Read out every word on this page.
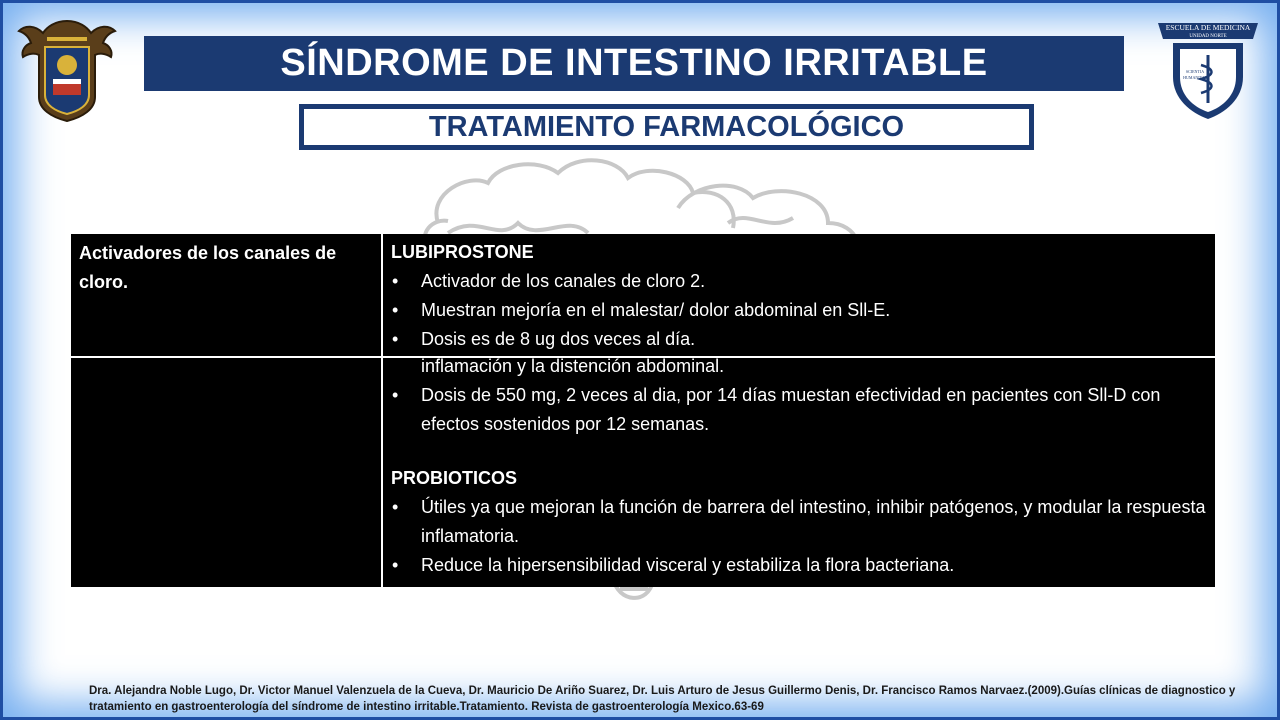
ESCUELA DE MEDICINA
UNIDAD NORTE
SCIENTIA
HUMANITAS
SÍNDROME DE INTESTINO IRRITABLE
TRATAMIENTO FARMACOLÓGICO
Activadores de los canales de cloro.
LUBIPROSTONE
• Activador de los canales de cloro 2.
• Muestran mejoría en el malestar/ dolor abdominal en Sll-E.
• Dosis es de 8 ug dos veces al día.
inflamación y la distención abdominal.
• Dosis de 550 mg, 2 veces al dia, por 14 días muestan efectividad en pacientes con Sll-D con efectos sostenidos por 12 semanas.
PROBIOTICOS
• Útiles ya que mejoran la función de barrera del intestino, inhibir patógenos, y modular la respuesta inflamatoria.
• Reduce la hipersensibilidad visceral y estabiliza la flora bacteriana.
Dra. Alejandra Noble Lugo, Dr. Victor Manuel Valenzuela de la Cueva, Dr. Mauricio De Ariño Suarez, Dr. Luis Arturo de Jesus Guillermo Denis, Dr. Francisco Ramos Narvaez.(2009).Guías clínicas de diagnostico y tratamiento en gastroenterología del síndrome de intestino irritable.Tratamiento. Revista de gastroenterología Mexico.63-69
